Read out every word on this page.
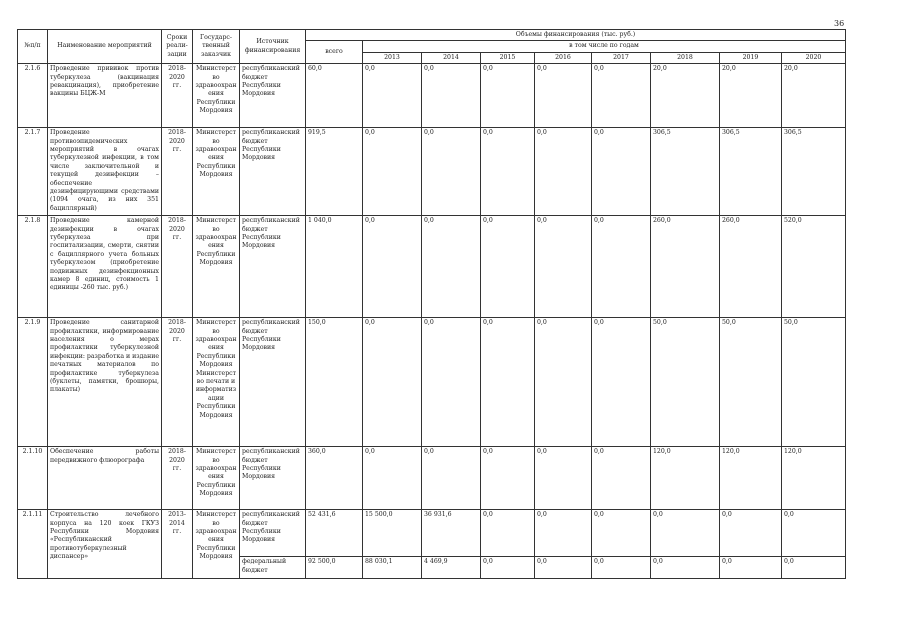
36
№п/п	Наименование мероприятий	Сроки реали-зации	Государс-твенный заказчик	Источник финансирования	Объемы финансирования (тыс. руб.)								
					всего	в том числе по годам							
						2013	2014	2015	2016	2017	2018	2019	2020
2.1.6	Проведение прививок против туберкулеза (вакцинация ревакцинация), приобретение вакцины БЦЖ-М	2018-2020 гг.	Министерство здравоохранения Республики Мордовия	республиканский бюджет Республики Мордовия	60,0	0,0	0,0	0,0	0,0	0,0	20,0	20,0	20,0
2.1.7	Проведение противоэпидемических мероприятий в очагах туберкулезной инфекции, в том числе заключительной и текущей дезинфекции – обеспечение дезинфицирующими средствами (1094 очага, из них 351 бациллярный)	2018-2020 гг.	Министерство здравоохранения Республики Мордовия	республиканский бюджет Республики Мордовия	919,5	0,0	0,0	0,0	0,0	0,0	306,5	306,5	306,5
2.1.8	Проведение камерной дезинфекции в очагах туберкулеза при госпитализации, смерти, снятии с бациллярного учета больных туберкулезом (приобретение подвижных дезинфекционных камер 8 единиц, стоимость 1 единицы -260 тыс. руб.)	2018-2020 гг.	Министерство здравоохранения Республики Мордовия	республиканский бюджет Республики Мордовия	1 040,0	0,0	0,0	0,0	0,0	0,0	260,0	260,0	520,0
2.1.9	Проведение санитарной профилактики, информирование населения о мерах профилактики туберкулезной инфекции: разработка и издание печатных материалов по профилактике туберкулеза (буклеты, памятки, брошюры, плакаты)	2018-2020 гг.	Министерство здравоохранения Республики Мордовия Министерство печати и информатизации Республики Мордовия	республиканский бюджет Республики Мордовия	150,0	0,0	0,0	0,0	0,0	0,0	50,0	50,0	50,0
2.1.10	Обеспечение работы передвижного флюорографа	2018-2020 гг.	Министерство здравоохранения Республики Мордовия	республиканский бюджет Республики Мордовия	360,0	0,0	0,0	0,0	0,0	0,0	120,0	120,0	120,0
2.1.11	Строительство лечебного корпуса на 120 коек ГКУЗ Республики Мордовия «Республиканский противотуберкулезный диспансер»	2013-2014 гг.	Министерство здравоохранения Республики Мордовия	республиканский бюджет Республики Мордовия	52 431,6	15 500,0	36 931,6	0,0	0,0	0,0	0,0	0,0	0,0
				федеральный бюджет	92 500,0	88 030,1	4 469,9	0,0	0,0	0,0	0,0	0,0	0,0
